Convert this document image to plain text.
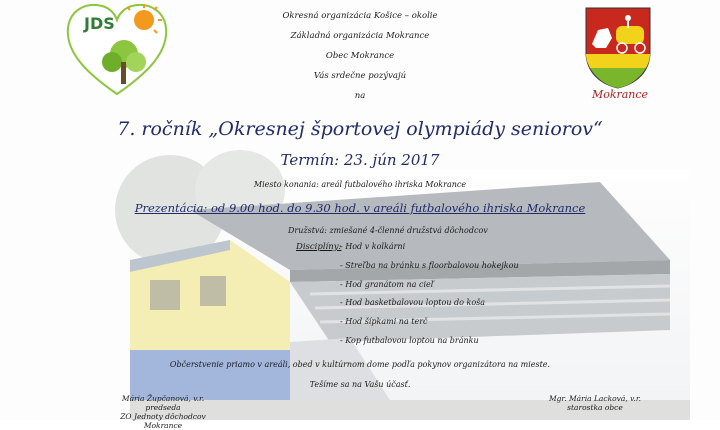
JDS
Mokrance
Okresná organizácia Košice – okolie
Základná organizácia Mokrance
Obec Mokrance
Vás srdečne pozývajú
na
7. ročník „Okresnej športovej olympiády seniorov“
Termín: 23. jún 2017
Miesto konania: areál futbalového ihriska Mokrance
Prezentácia: od 9.00 hod. do 9.30 hod. v areáli futbalového ihriska Mokrance
Družstvá: zmiešané 4-členné družstvá dôchodcov
Disciplíny:
- Hod v kolkárni
- Streľba na bránku s floorbalovou hokejkou
- Hod granátom na cieľ
- Hod basketbalovou loptou do koša
- Hod šípkami na terč
- Kop futbalovou loptou na bránku
Občerstvenie priamo v areáli, obed v kultúrnom dome podľa pokynov organizátora na mieste.
Tešíme sa na Vašu účasť.
Mária Župčanová, v.r.
predseda
ZO Jednoty dôchodcov Mokrance
Mgr. Mária Lacková, v.r.
starostka obce
